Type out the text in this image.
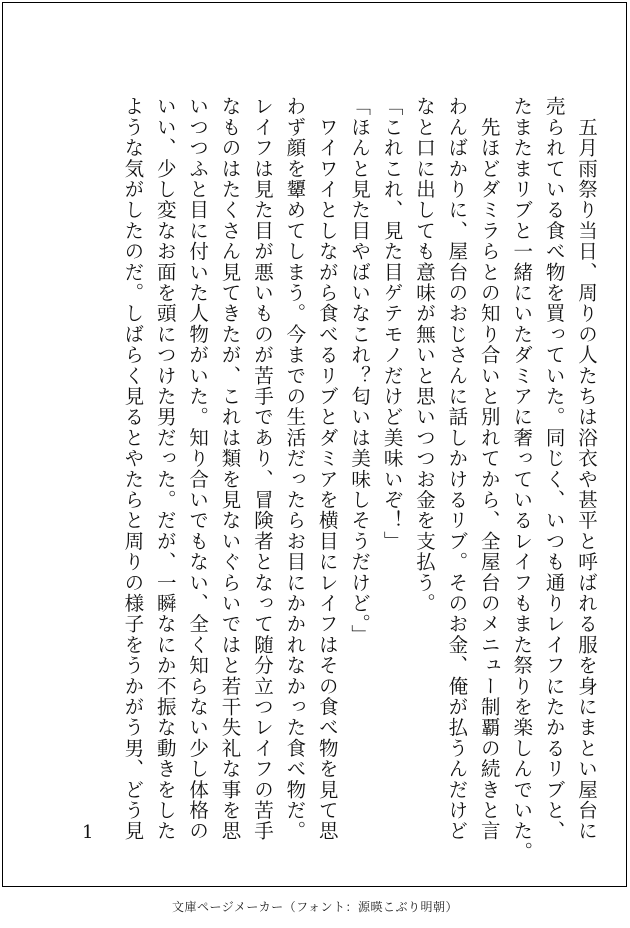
　五月雨祭り当日、周りの人たちは浴衣や甚平と呼ばれる服を身にまとい屋台に
売られている食べ物を買っていた。同じく、いつも通りレイフにたかるリブと、
たまたまリブと一緒にいたダミアに奢っているレイフもまた祭りを楽しんでいた。
　先ほどダミラらとの知り合いと別れてから、全屋台のメニュー制覇の続きと言
わんばかりに、屋台のおじさんに話しかけるリブ。そのお金、俺が払うんだけど
なと口に出しても意味が無いと思いつつお金を支払う。
「これこれ、見た目ゲテモノだけど美味いぞ！」
「ほんと見た目やばいなこれ？匂いは美味しそうだけど。」
　ワイワイとしながら食べるリブとダミアを横目にレイフはその食べ物を見て思
わず顔を顰めてしまう。今までの生活だったらお目にかかれなかった食べ物だ。
レイフは見た目が悪いものが苦手であり、冒険者となって随分立つレイフの苦手
なものはたくさん見てきたが、これは類を見ないぐらいではと若干失礼な事を思
いつつふと目に付いた人物がいた。知り合いでもない、全く知らない少し体格の
いい、少し変なお面を頭につけた男だった。だが、一瞬なにか不振な動きをした
ような気がしたのだ。しばらく見るとやたらと周りの様子をうかがう男、どう見
1
文庫ページメーカー（フォント：源暎こぶり明朝）
